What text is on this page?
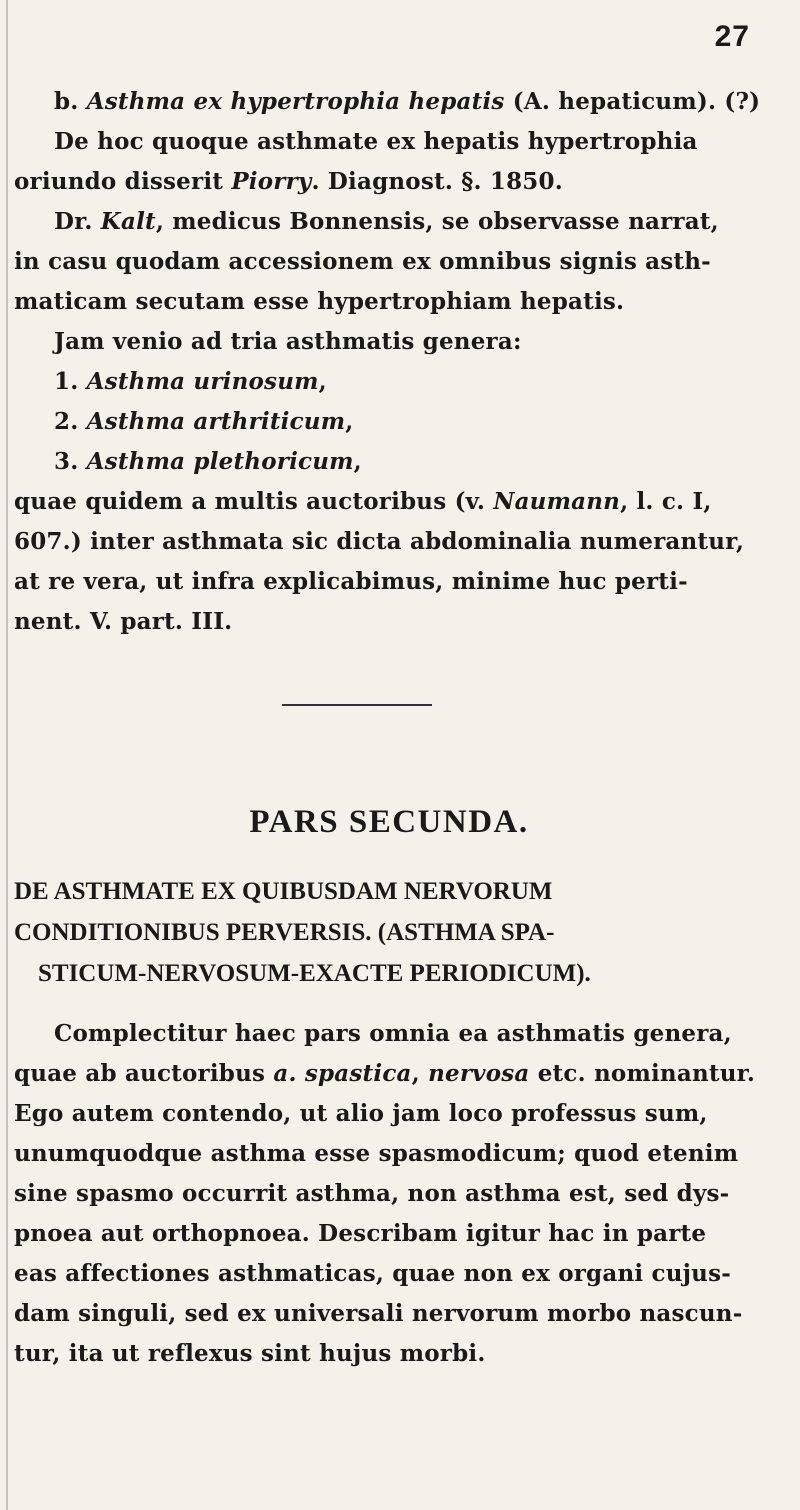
27
b. Asthma ex hypertrophia hepatis (A. hepaticum). (?)
De hoc quoque asthmate ex hepatis hypertrophia
oriundo disserit Piorry. Diagnost. §. 1850.
Dr. Kalt, medicus Bonnensis, se observasse narrat,
in casu quodam accessionem ex omnibus signis asth-
maticam secutam esse hypertrophiam hepatis.
Jam venio ad tria asthmatis genera:
1. Asthma urinosum,
2. Asthma arthriticum,
3. Asthma plethoricum,
quae quidem a multis auctoribus (v. Naumann, l. c. I,
607.) inter asthmata sic dicta abdominalia numerantur,
at re vera, ut infra explicabimus, minime huc perti-
nent. V. part. III.
PARS SECUNDA.
DE ASTHMATE EX QUIBUSDAM NERVORUM
CONDITIONIBUS PERVERSIS. (ASTHMA SPA-
STICUM-NERVOSUM-EXACTE PERIODICUM).
Complectitur haec pars omnia ea asthmatis genera,
quae ab auctoribus a. spastica, nervosa etc. nominantur.
Ego autem contendo, ut alio jam loco professus sum,
unumquodque asthma esse spasmodicum; quod etenim
sine spasmo occurrit asthma, non asthma est, sed dys-
pnoea aut orthopnoea. Describam igitur hac in parte
eas affectiones asthmaticas, quae non ex organi cujus-
dam singuli, sed ex universali nervorum morbo nascun-
tur, ita ut reflexus sint hujus morbi.
